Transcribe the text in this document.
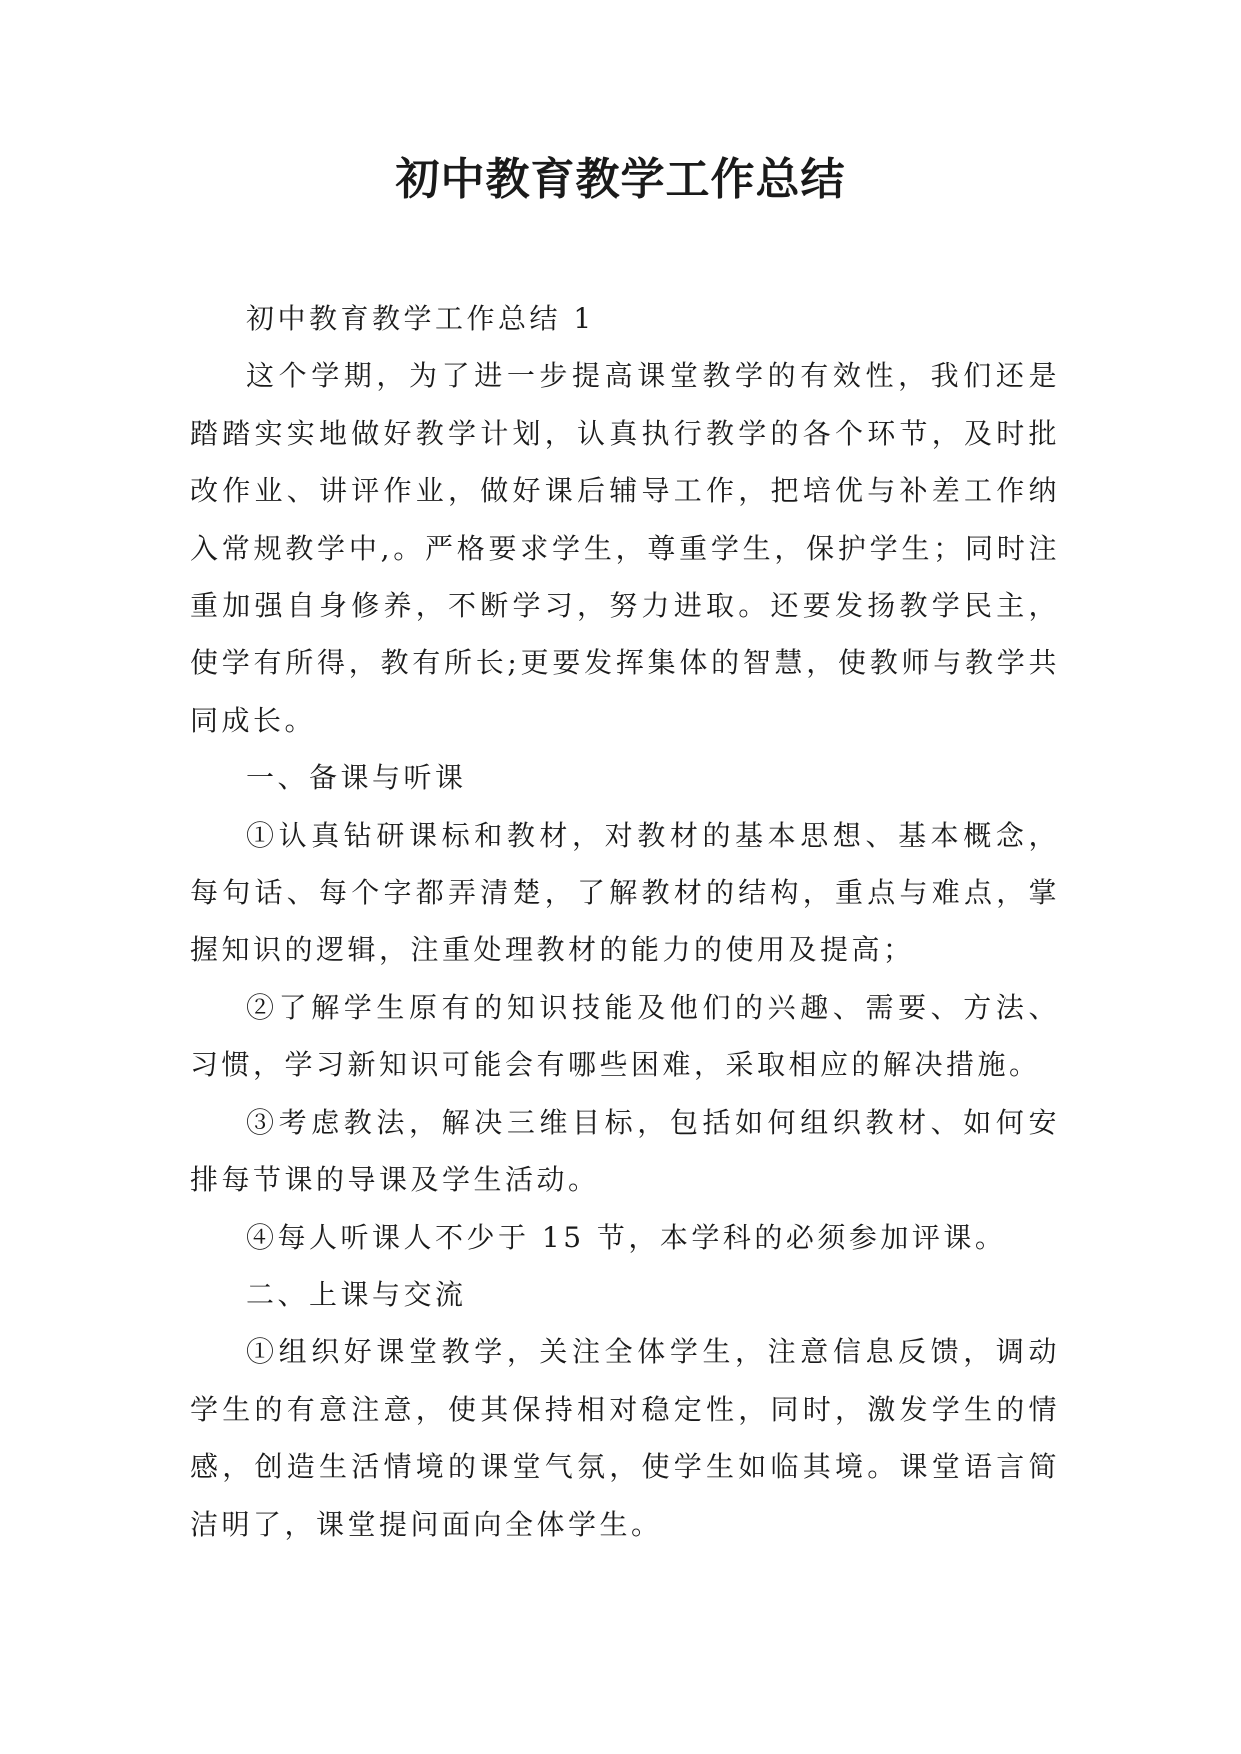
初中教育教学工作总结

初中教育教学工作总结 1

这个学期，为了进一步提高课堂教学的有效性，我们还是踏踏实实地做好教学计划，认真执行教学的各个环节，及时批改作业、讲评作业，做好课后辅导工作，把培优与补差工作纳入常规教学中,。严格要求学生，尊重学生，保护学生；同时注重加强自身修养，不断学习，努力进取。还要发扬教学民主，使学有所得，教有所长;更要发挥集体的智慧，使教师与教学共同成长。

一、备课与听课

①认真钻研课标和教材，对教材的基本思想、基本概念，每句话、每个字都弄清楚，了解教材的结构，重点与难点，掌握知识的逻辑，注重处理教材的能力的使用及提高；

②了解学生原有的知识技能及他们的兴趣、需要、方法、习惯，学习新知识可能会有哪些困难，采取相应的解决措施。

③考虑教法，解决三维目标，包括如何组织教材、如何安排每节课的导课及学生活动。

④每人听课人不少于 15 节，本学科的必须参加评课。

二、上课与交流

①组织好课堂教学，关注全体学生，注意信息反馈，调动学生的有意注意，使其保持相对稳定性，同时，激发学生的情感，创造生活情境的课堂气氛，使学生如临其境。课堂语言简洁明了，课堂提问面向全体学生。
